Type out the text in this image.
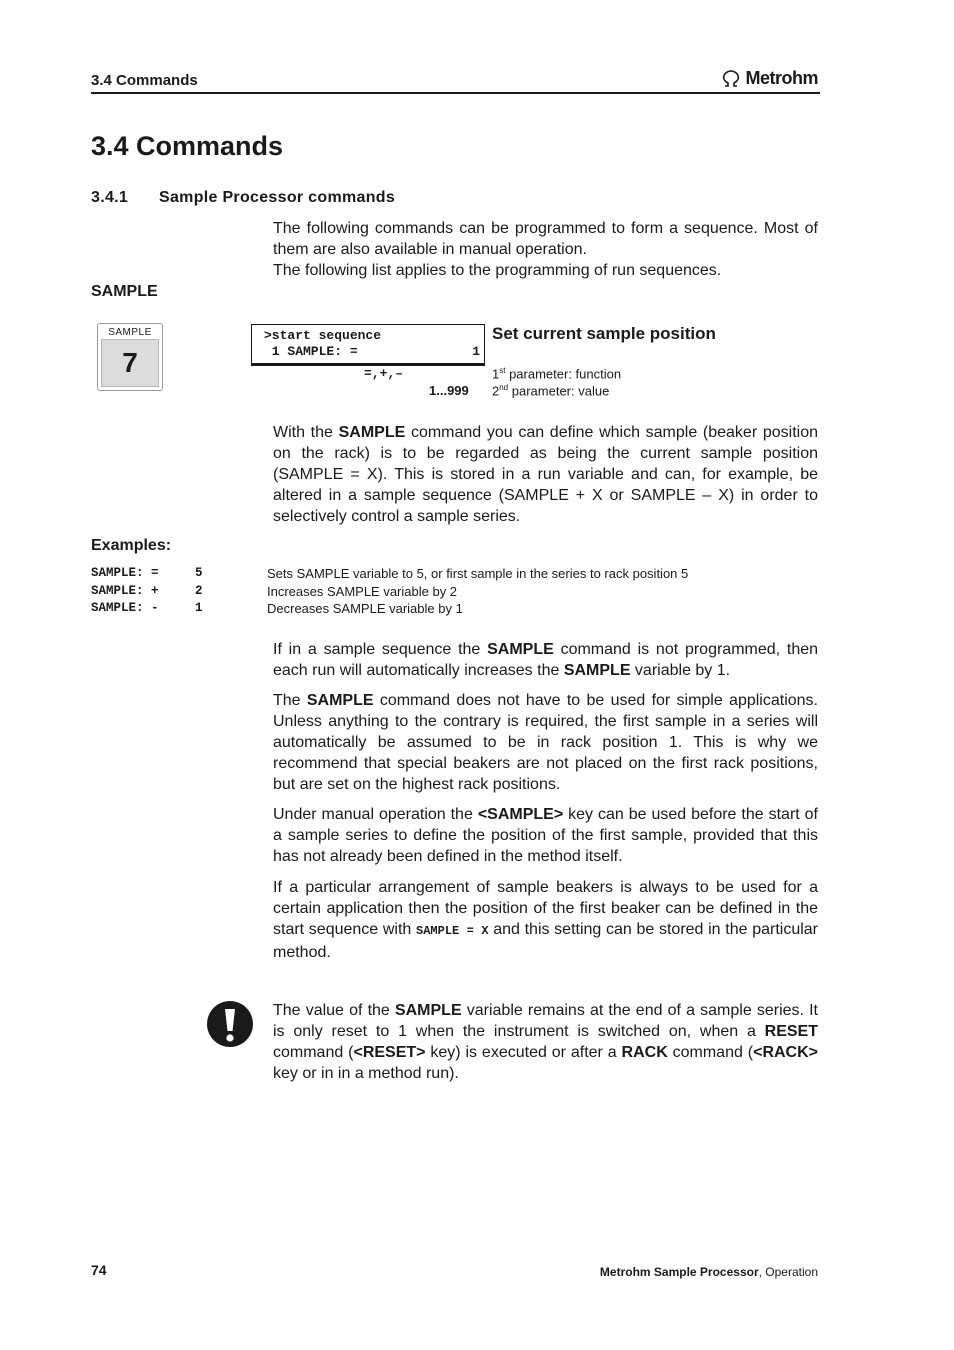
3.4 Commands	Metrohm
3.4 Commands
3.4.1 Sample Processor commands

The following commands can be programmed to form a sequence. Most of them are also available in manual operation.

The following list applies to the programming of run sequences.

SAMPLE
SAMPLE
7
>start sequence
1 SAMPLE: =	1
Set current sample position
=,+,–
1...999
1st parameter: function
2nd parameter: value

With the SAMPLE command you can define which sample (beaker position on the rack) is to be regarded as being the current sample position (SAMPLE = X). This is stored in a run variable and can, for example, be altered in a sample sequence (SAMPLE + X or SAMPLE – X) in order to selectively control a sample series.

Examples:
SAMPLE: =	5	Sets SAMPLE variable to 5, or first sample in the series to rack position 5
SAMPLE: +	2	Increases SAMPLE variable by 2
SAMPLE: -	1	Decreases SAMPLE variable by 1

If in a sample sequence the SAMPLE command is not programmed, then each run will automatically increases the SAMPLE variable by 1.

The SAMPLE command does not have to be used for simple applications. Unless anything to the contrary is required, the first sample in a series will automatically be assumed to be in rack position 1. This is why we recommend that special beakers are not placed on the first rack positions, but are set on the highest rack positions.

Under manual operation the <SAMPLE> key can be used before the start of a sample series to define the position of the first sample, provided that this has not already been defined in the method itself.

If a particular arrangement of sample beakers is always to be used for a certain application then the position of the first beaker can be defined in the start sequence with SAMPLE = X and this setting can be stored in the particular method.

The value of the SAMPLE variable remains at the end of a sample series. It is only reset to 1 when the instrument is switched on, when a RESET command (<RESET> key) is executed or after a RACK command (<RACK> key or in in a method run).

74	Metrohm Sample Processor, Operation
